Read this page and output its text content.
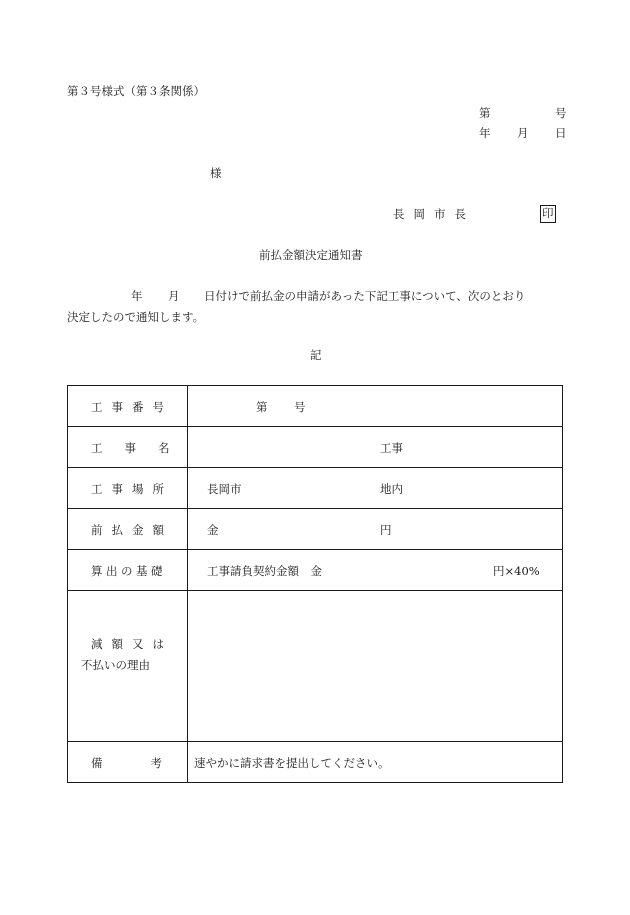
第３号様式（第３条関係）
第	号
年 月 日
様
長岡市長	印
前払金額決定通知書
年 月 日付けで前払金の申請があった下記工事について、次のとおり
決定したので通知します。
記
工事番号	第 号

工事名	工事

工事場所	長岡市 地内

前払金額	金 円

算出の基礎	工事請負契約金額　金 円×40%

減額又は
不払いの理由	

備考	速やかに請求書を提出してください。
